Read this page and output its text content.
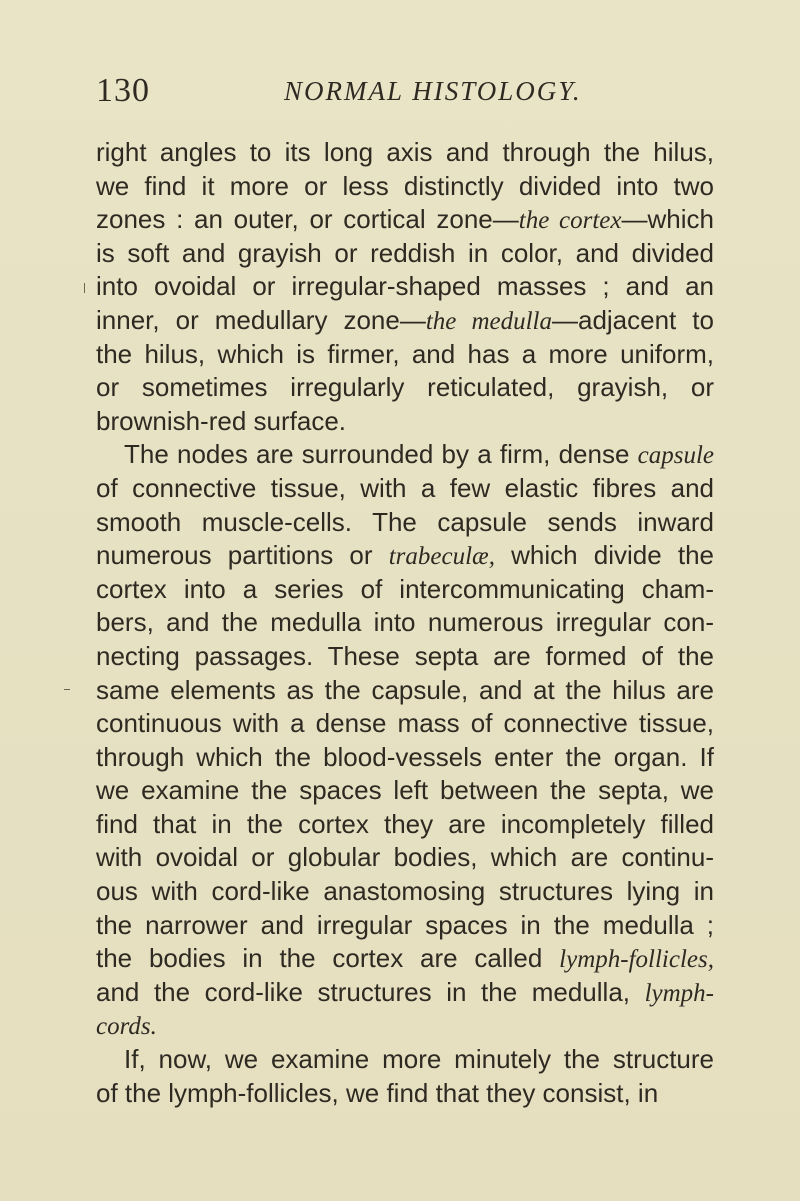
130	NORMAL HISTOLOGY.
right angles to its long axis and through the hilus,
we find it more or less distinctly divided into two
zones : an outer, or cortical zone—the cortex—which
is soft and grayish or reddish in color, and divided
into ovoidal or irregular-shaped masses ; and an
inner, or medullary zone—the medulla—adjacent to
the hilus, which is firmer, and has a more uniform,
or sometimes irregularly reticulated, grayish, or
brownish-red surface.
The nodes are surrounded by a firm, dense capsule
of connective tissue, with a few elastic fibres and
smooth muscle-cells. The capsule sends inward
numerous partitions or trabeculæ, which divide the
cortex into a series of intercommunicating cham-
bers, and the medulla into numerous irregular con-
necting passages. These septa are formed of the
same elements as the capsule, and at the hilus are
continuous with a dense mass of connective tissue,
through which the blood-vessels enter the organ. If
we examine the spaces left between the septa, we
find that in the cortex they are incompletely filled
with ovoidal or globular bodies, which are continu-
ous with cord-like anastomosing structures lying in
the narrower and irregular spaces in the medulla ;
the bodies in the cortex are called lymph-follicles,
and the cord-like structures in the medulla, lymph-
cords.
If, now, we examine more minutely the structure
of the lymph-follicles, we find that they consist, in
